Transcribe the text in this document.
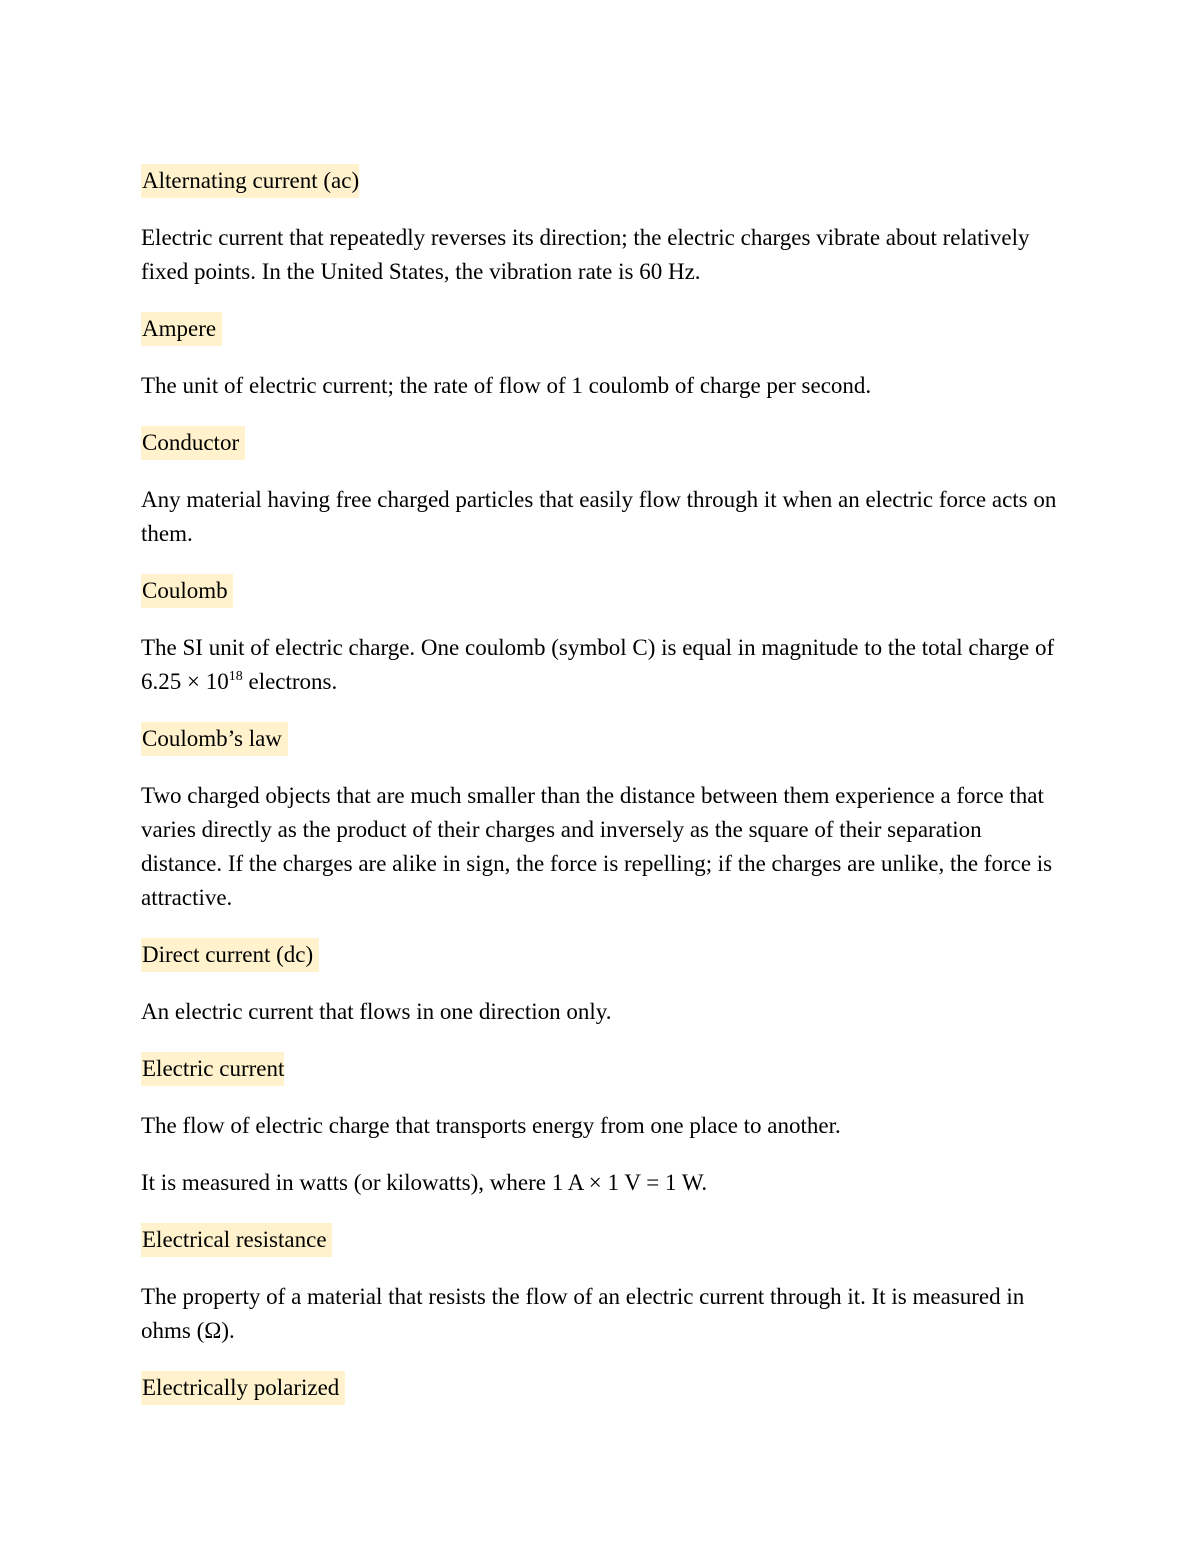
Alternating current (ac)

Electric current that repeatedly reverses its direction; the electric charges vibrate about relatively fixed points. In the United States, the vibration rate is 60 Hz.

Ampere

The unit of electric current; the rate of flow of 1 coulomb of charge per second.

Conductor

Any material having free charged particles that easily flow through it when an electric force acts on them.

Coulomb

The SI unit of electric charge. One coulomb (symbol C) is equal in magnitude to the total charge of $6.25 \times 10^{18}$ electrons.

Coulomb’s law

Two charged objects that are much smaller than the distance between them experience a force that varies directly as the product of their charges and inversely as the square of their separation distance. If the charges are alike in sign, the force is repelling; if the charges are unlike, the force is attractive.

Direct current (dc)

An electric current that flows in one direction only.

Electric current

The flow of electric charge that transports energy from one place to another.

It is measured in watts (or kilowatts), where 1 A × 1 V = 1 W.

Electrical resistance

The property of a material that resists the flow of an electric current through it. It is measured in ohms (Ω).

Electrically polarized
